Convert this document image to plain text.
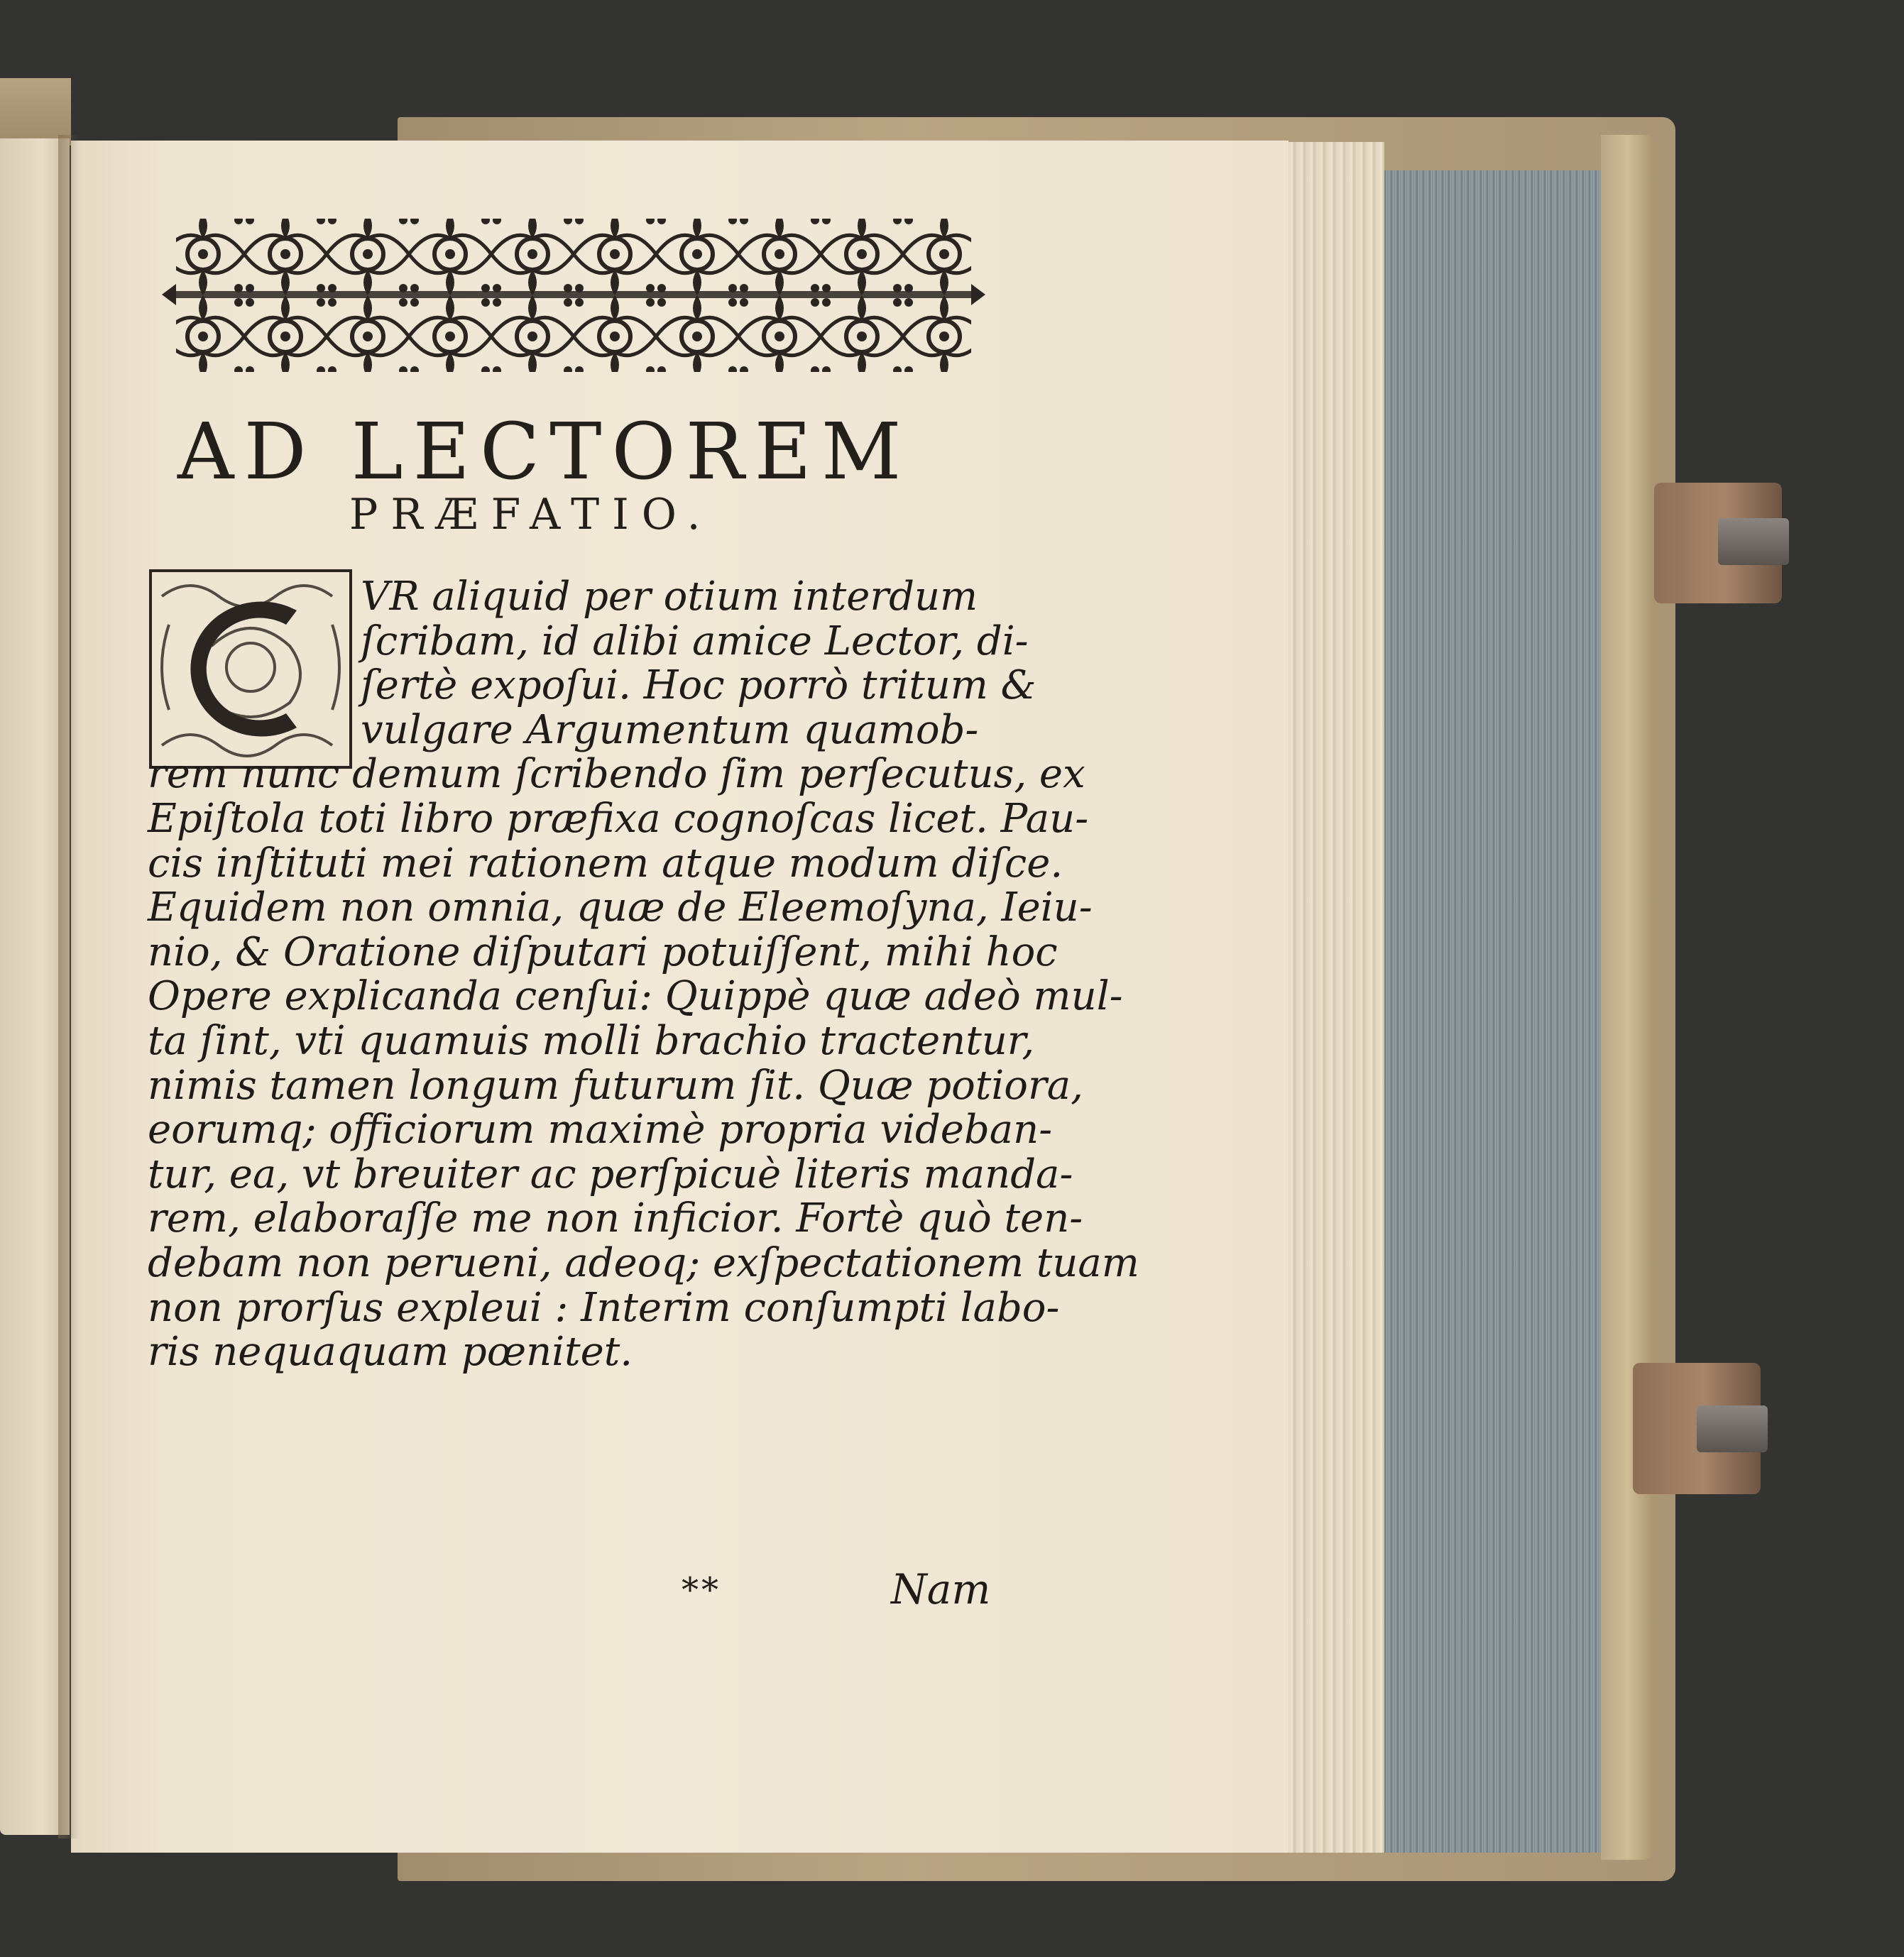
AD LECTOREM
PRÆFATIO.
VR aliquid per otium interdum
ſcribam, id alibi amice Lector, di-
ſertè expoſui. Hoc porrò tritum &
vulgare Argumentum quamob-
rem nunc demum ſcribendo ſim perſecutus, ex
Epiſtola toti libro præfixa cognoſcas licet. Pau-
cis inſtituti mei rationem atque modum diſce.
Equidem non omnia, quæ de Eleemoſyna, Ieiu-
nio, & Oratione diſputari potuiſſent, mihi hoc
Opere explicanda cenſui: Quippè quæ adeò mul-
ta ſint, vti quamuis molli brachio tractentur,
nimis tamen longum futurum ſit. Quæ potiora,
eorumq; officiorum maximè propria videban-
tur, ea, vt breuiter ac perſpicuè literis manda-
rem, elaboraſſe me non inficior. Fortè quò ten-
debam non perueni, adeoq; exſpectationem tuam
non prorſus expleui : Interim conſumpti labo-
ris nequaquam pœnitet.
**	Nam
